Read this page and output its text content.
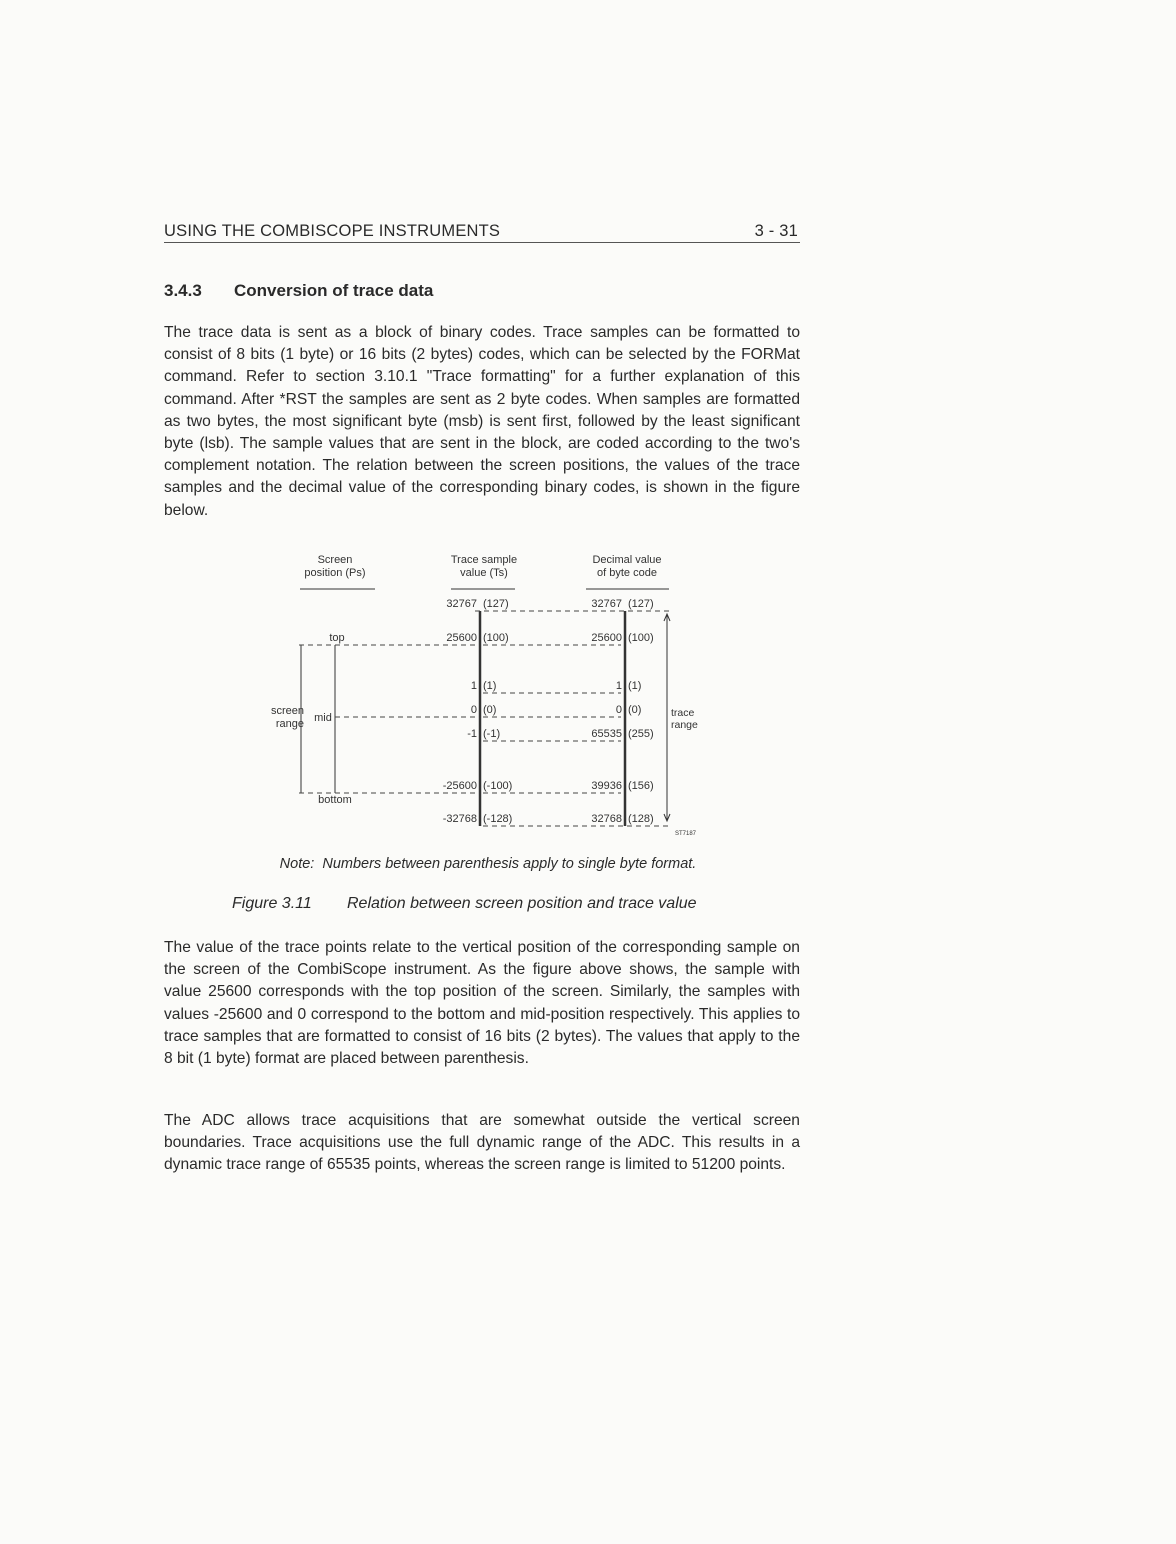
USING THE COMBISCOPE INSTRUMENTS	3 - 31
3.4.3 Conversion of trace data

The trace data is sent as a block of binary codes. Trace samples can be formatted to consist of 8 bits (1 byte) or 16 bits (2 bytes) codes, which can be selected by the FORMat command. Refer to section 3.10.1 "Trace formatting" for a further explanation of this command. After *RST the samples are sent as 2 byte codes. When samples are formatted as two bytes, the most significant byte (msb) is sent first, followed by the least significant byte (lsb). The sample values that are sent in the block, are coded according to the two's complement notation. The relation between the screen positions, the values of the trace samples and the decimal value of the corresponding binary codes, is shown in the figure below.

Screen
position (Ps)
Trace sample
value (Ts)
Decimal value
of byte code
top
mid
bottom
screen
range
trace
range
ST7187
32767 (127)	32767 (127)
25600 (100)	25600 (100)
1 (1)	1 (1)
0 (0)	0 (0)
-1 (-1)	65535 (255)
-25600 (-100)	39936 (156)
-32768 (-128)	32768 (128)
Note: Numbers between parenthesis apply to single byte format.
Figure 3.11 Relation between screen position and trace value

The value of the trace points relate to the vertical position of the corresponding sample on the screen of the CombiScope instrument. As the figure above shows, the sample with value 25600 corresponds with the top position of the screen. Similarly, the samples with values -25600 and 0 correspond to the bottom and mid-position respectively. This applies to trace samples that are formatted to consist of 16 bits (2 bytes). The values that apply to the 8 bit (1 byte) format are placed between parenthesis.

The ADC allows trace acquisitions that are somewhat outside the vertical screen boundaries. Trace acquisitions use the full dynamic range of the ADC. This results in a dynamic trace range of 65535 points, whereas the screen range is limited to 51200 points.
